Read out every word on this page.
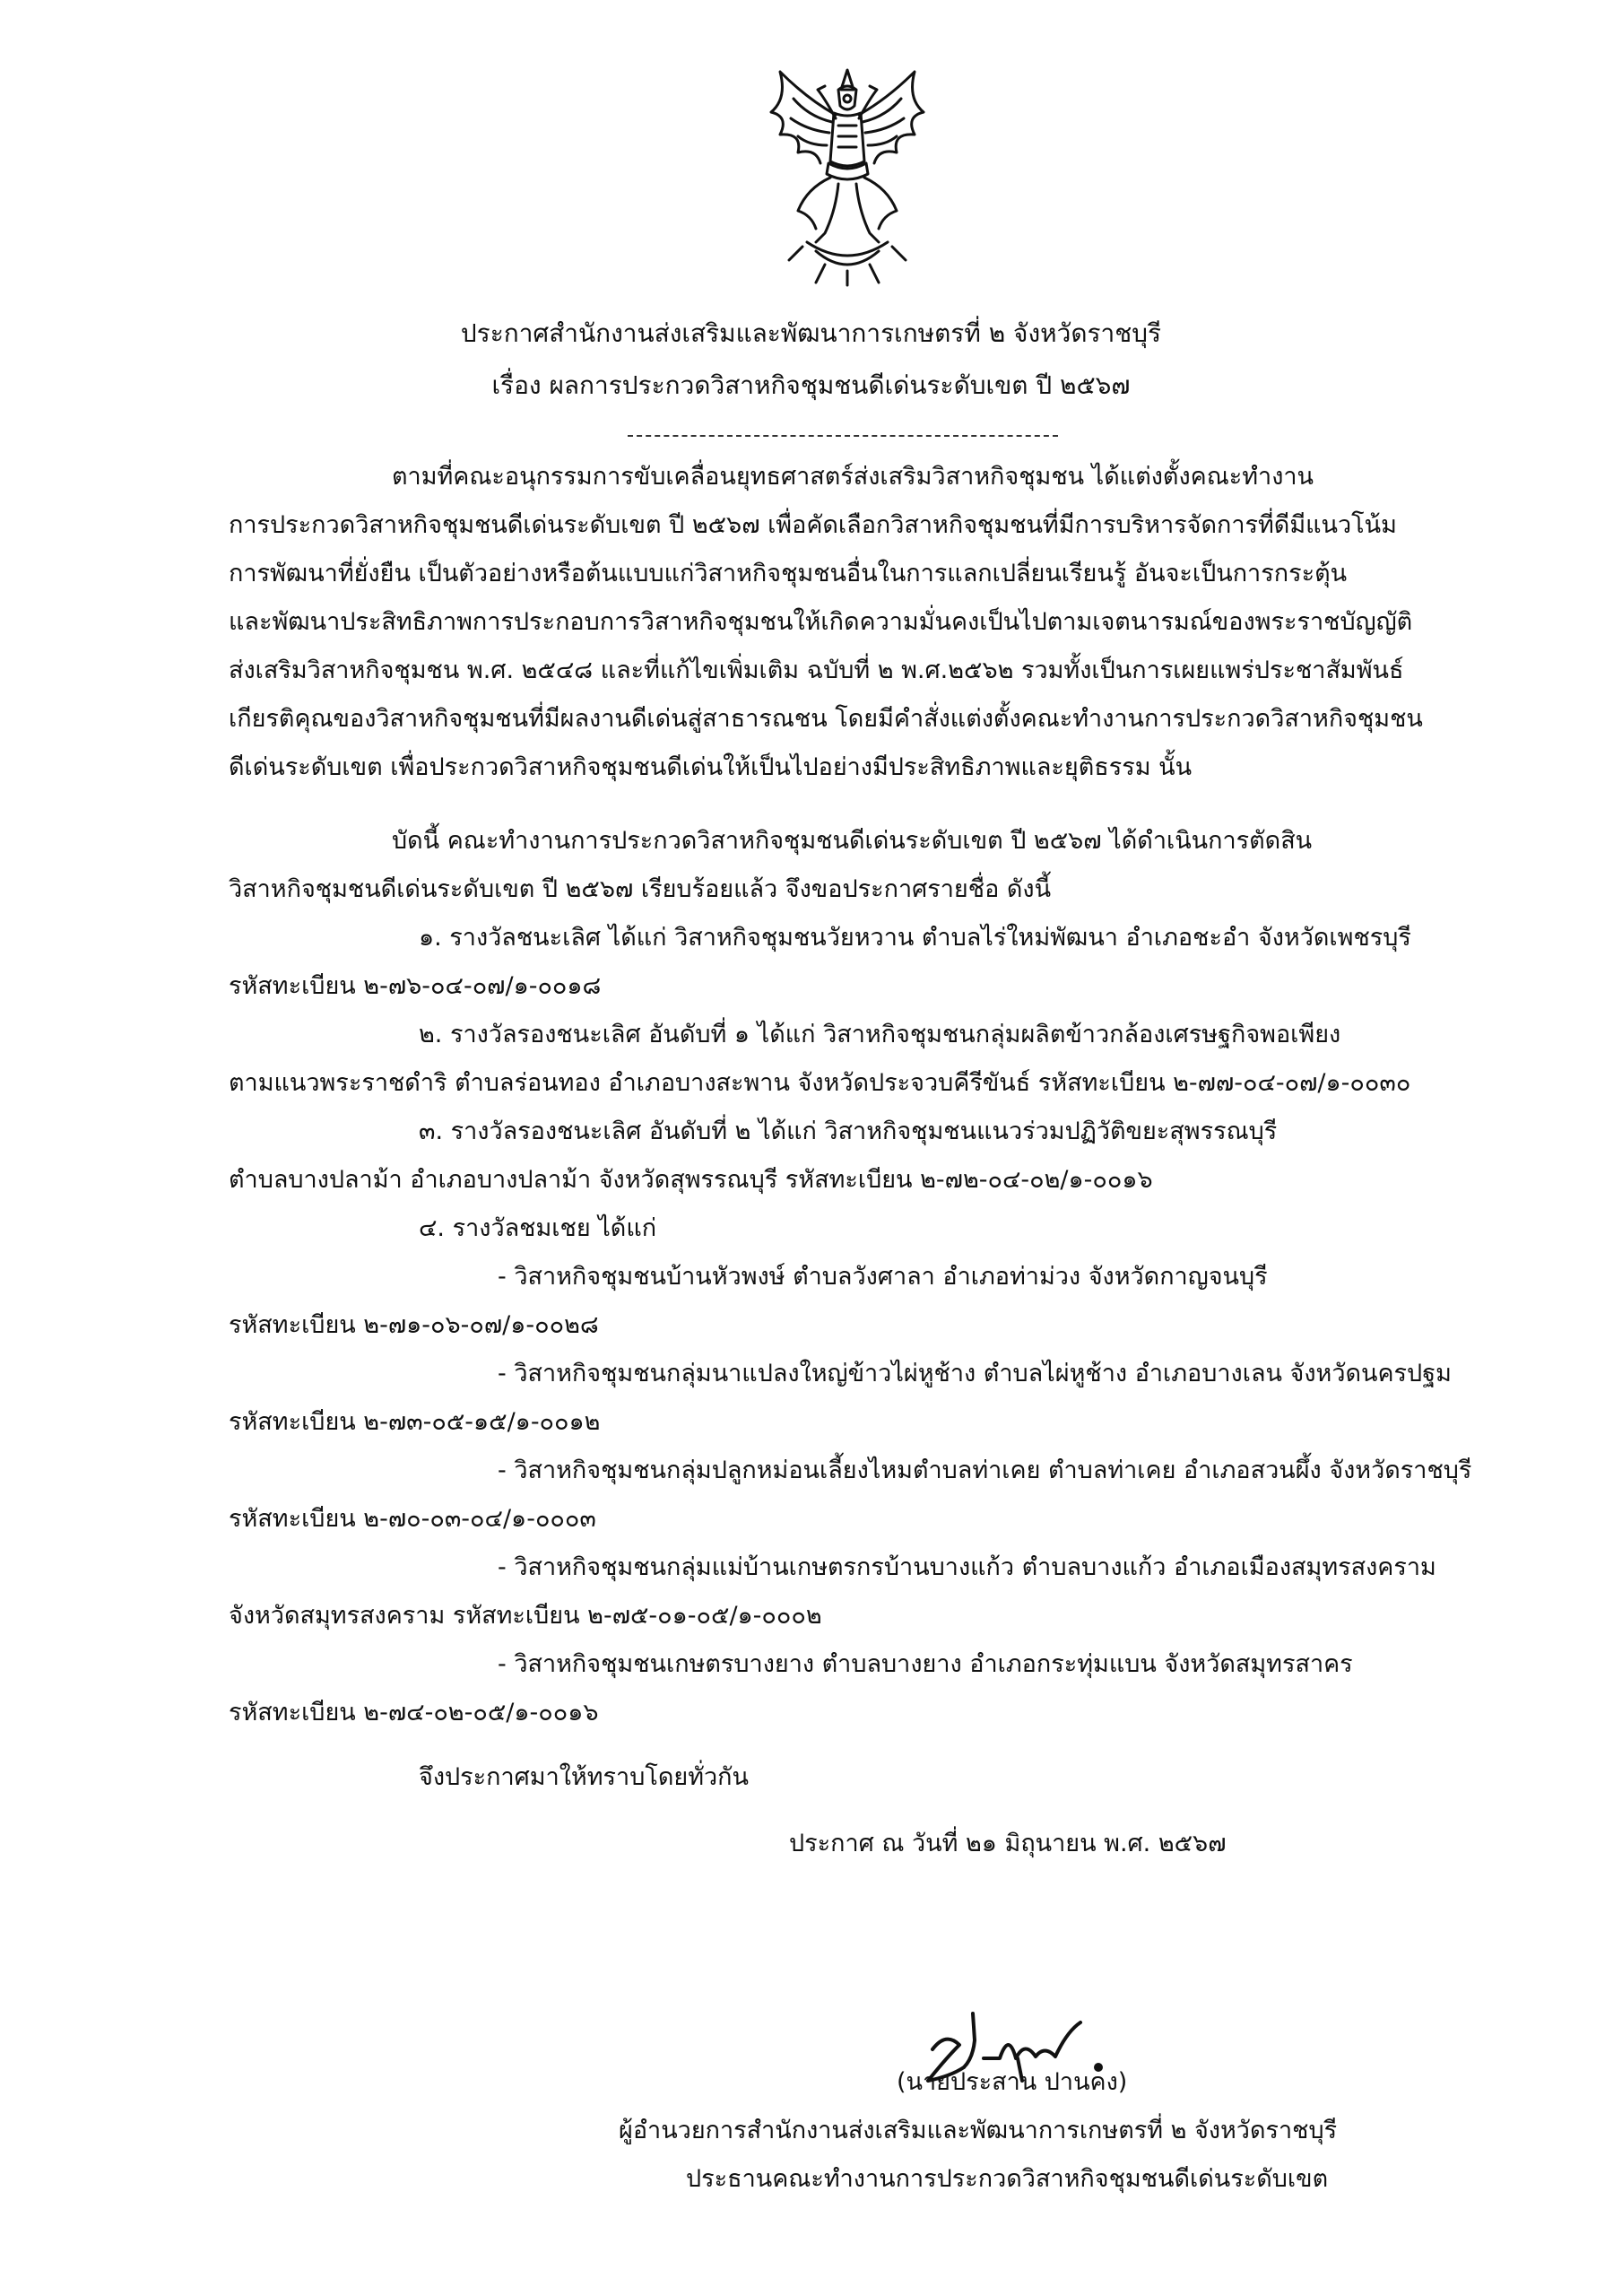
ประกาศสำนักงานส่งเสริมและพัฒนาการเกษตรที่ ๒ จังหวัดราชบุรี
เรื่อง ผลการประกวดวิสาหกิจชุมชนดีเด่นระดับเขต ปี ๒๕๖๗
ตามที่คณะอนุกรรมการขับเคลื่อนยุทธศาสตร์ส่งเสริมวิสาหกิจชุมชน ได้แต่งตั้งคณะทำงาน
การประกวดวิสาหกิจชุมชนดีเด่นระดับเขต ปี ๒๕๖๗ เพื่อคัดเลือกวิสาหกิจชุมชนที่มีการบริหารจัดการที่ดีมีแนวโน้ม
การพัฒนาที่ยั่งยืน เป็นตัวอย่างหรือต้นแบบแก่วิสาหกิจชุมชนอื่นในการแลกเปลี่ยนเรียนรู้ อันจะเป็นการกระตุ้น
และพัฒนาประสิทธิภาพการประกอบการวิสาหกิจชุมชนให้เกิดความมั่นคงเป็นไปตามเจตนารมณ์ของพระราชบัญญัติ
ส่งเสริมวิสาหกิจชุมชน พ.ศ. ๒๕๔๘ และที่แก้ไขเพิ่มเติม ฉบับที่ ๒ พ.ศ.๒๕๖๒ รวมทั้งเป็นการเผยแพร่ประชาสัมพันธ์
เกียรติคุณของวิสาหกิจชุมชนที่มีผลงานดีเด่นสู่สาธารณชน โดยมีคำสั่งแต่งตั้งคณะทำงานการประกวดวิสาหกิจชุมชน
ดีเด่นระดับเขต เพื่อประกวดวิสาหกิจชุมชนดีเด่นให้เป็นไปอย่างมีประสิทธิภาพและยุติธรรม นั้น
บัดนี้ คณะทำงานการประกวดวิสาหกิจชุมชนดีเด่นระดับเขต ปี ๒๕๖๗ ได้ดำเนินการตัดสิน
วิสาหกิจชุมชนดีเด่นระดับเขต ปี ๒๕๖๗ เรียบร้อยแล้ว จึงขอประกาศรายชื่อ ดังนี้
๑. รางวัลชนะเลิศ ได้แก่ วิสาหกิจชุมชนวัยหวาน ตำบลไร่ใหม่พัฒนา อำเภอชะอำ จังหวัดเพชรบุรี
รหัสทะเบียน ๒-๗๖-๐๔-๐๗/๑-๐๐๑๘
๒. รางวัลรองชนะเลิศ อันดับที่ ๑ ได้แก่ วิสาหกิจชุมชนกลุ่มผลิตข้าวกล้องเศรษฐกิจพอเพียง
ตามแนวพระราชดำริ ตำบลร่อนทอง อำเภอบางสะพาน จังหวัดประจวบคีรีขันธ์ รหัสทะเบียน ๒-๗๗-๐๔-๐๗/๑-๐๐๓๐
๓. รางวัลรองชนะเลิศ อันดับที่ ๒ ได้แก่ วิสาหกิจชุมชนแนวร่วมปฏิวัติขยะสุพรรณบุรี
ตำบลบางปลาม้า อำเภอบางปลาม้า จังหวัดสุพรรณบุรี รหัสทะเบียน ๒-๗๒-๐๔-๐๒/๑-๐๐๑๖
๔. รางวัลชมเชย ได้แก่
- วิสาหกิจชุมชนบ้านหัวพงษ์ ตำบลวังศาลา อำเภอท่าม่วง จังหวัดกาญจนบุรี
รหัสทะเบียน ๒-๗๑-๐๖-๐๗/๑-๐๐๒๘
- วิสาหกิจชุมชนกลุ่มนาแปลงใหญ่ข้าวไผ่หูช้าง ตำบลไผ่หูช้าง อำเภอบางเลน จังหวัดนครปฐม
รหัสทะเบียน ๒-๗๓-๐๕-๑๕/๑-๐๐๑๒
- วิสาหกิจชุมชนกลุ่มปลูกหม่อนเลี้ยงไหมตำบลท่าเคย ตำบลท่าเคย อำเภอสวนผึ้ง จังหวัดราชบุรี
รหัสทะเบียน ๒-๗๐-๐๓-๐๔/๑-๐๐๐๓
- วิสาหกิจชุมชนกลุ่มแม่บ้านเกษตรกรบ้านบางแก้ว ตำบลบางแก้ว อำเภอเมืองสมุทรสงคราม
จังหวัดสมุทรสงคราม รหัสทะเบียน ๒-๗๕-๐๑-๐๕/๑-๐๐๐๒
- วิสาหกิจชุมชนเกษตรบางยาง ตำบลบางยาง อำเภอกระทุ่มแบน จังหวัดสมุทรสาคร
รหัสทะเบียน ๒-๗๔-๐๒-๐๕/๑-๐๐๑๖
จึงประกาศมาให้ทราบโดยทั่วกัน
ประกาศ ณ วันที่ ๒๑ มิถุนายน พ.ศ. ๒๕๖๗
(นายประสาน ปานคง)
ผู้อำนวยการสำนักงานส่งเสริมและพัฒนาการเกษตรที่ ๒ จังหวัดราชบุรี
ประธานคณะทำงานการประกวดวิสาหกิจชุมชนดีเด่นระดับเขต
